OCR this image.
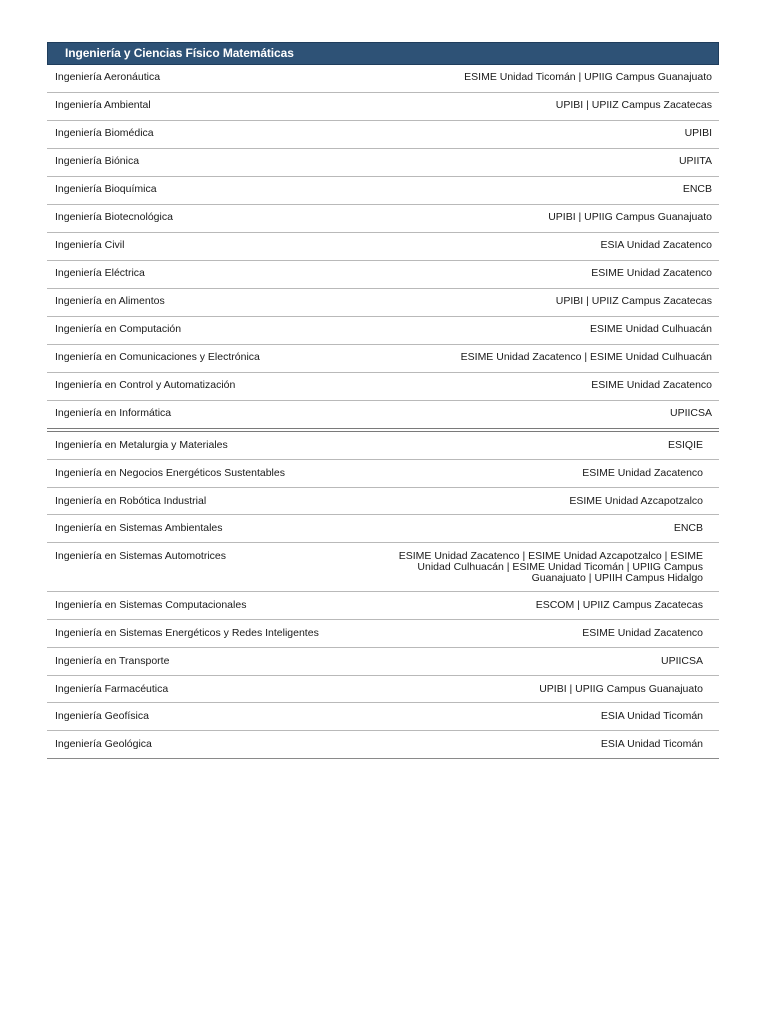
Ingeniería y Ciencias Físico Matemáticas
Ingeniería Aeronáutica	ESIME Unidad Ticomán | UPIIG Campus Guanajuato
Ingeniería Ambiental	UPIBI | UPIIZ Campus Zacatecas
Ingeniería Biomédica	UPIBI
Ingeniería Biónica	UPIITA
Ingeniería Bioquímica	ENCB
Ingeniería Biotecnológica	UPIBI | UPIIG Campus Guanajuato
Ingeniería Civil	ESIA Unidad Zacatenco
Ingeniería Eléctrica	ESIME Unidad Zacatenco
Ingeniería en Alimentos	UPIBI | UPIIZ Campus Zacatecas
Ingeniería en Computación	ESIME Unidad Culhuacán
Ingeniería en Comunicaciones y Electrónica	ESIME Unidad Zacatenco | ESIME Unidad Culhuacán
Ingeniería en Control y Automatización	ESIME Unidad Zacatenco
Ingeniería en Informática	UPIICSA
Ingeniería en Metalurgia y Materiales	ESIQIE
Ingeniería en Negocios Energéticos Sustentables	ESIME Unidad Zacatenco
Ingeniería en Robótica Industrial	ESIME Unidad Azcapotzalco
Ingeniería en Sistemas Ambientales	ENCB
Ingeniería en Sistemas Automotrices	ESIME Unidad Zacatenco | ESIME Unidad Azcapotzalco | ESIME Unidad Culhuacán | ESIME Unidad Ticomán | UPIIG Campus Guanajuato | UPIIH Campus Hidalgo
Ingeniería en Sistemas Computacionales	ESCOM | UPIIZ Campus Zacatecas
Ingeniería en Sistemas Energéticos y Redes Inteligentes	ESIME Unidad Zacatenco
Ingeniería en Transporte	UPIICSA
Ingeniería Farmacéutica	UPIBI | UPIIG Campus Guanajuato
Ingeniería Geofísica	ESIA Unidad Ticomán
Ingeniería Geológica	ESIA Unidad Ticomán
